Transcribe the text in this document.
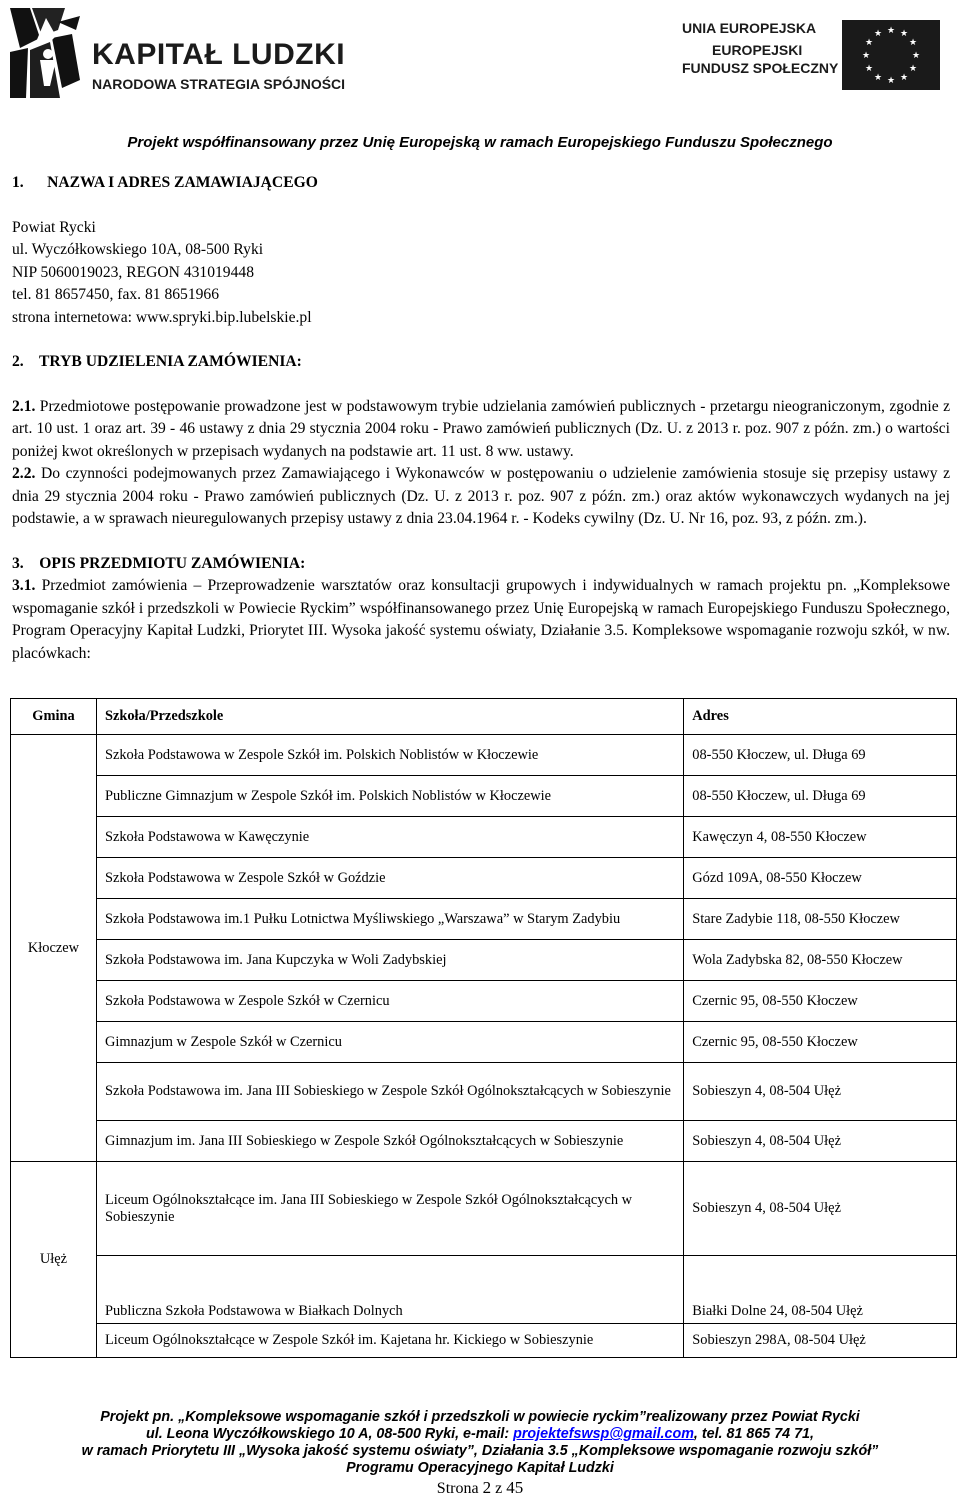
KAPITAŁ LUDZKI
NARODOWA STRATEGIA SPÓJNOŚCI
UNIA EUROPEJSKA
EUROPEJSKI
FUNDUSZ SPOŁECZNY
★ ★
★
★
★
★
★
★
★
★
★
★
Projekt współfinansowany przez Unię Europejską w ramach Europejskiego Funduszu Społecznego

1. NAZWA I ADRES ZAMAWIAJĄCEGO

Powiat Rycki

ul. Wyczółkowskiego 10A, 08-500 Ryki

NIP 5060019023, REGON 431019448

tel. 81 8657450, fax. 81 8651966

strona internetowa: www.spryki.bip.lubelskie.pl

2. TRYB UDZIELENIA ZAMÓWIENIA:

2.1. Przedmiotowe postępowanie prowadzone jest w podstawowym trybie udzielania zamówień publicznych - przetargu nieograniczonym, zgodnie z art. 10 ust. 1 oraz art. 39 - 46 ustawy z dnia 29 stycznia 2004 roku - Prawo zamówień publicznych (Dz. U. z 2013 r. poz. 907 z późn. zm.) o wartości poniżej kwot określonych w przepisach wydanych na podstawie art. 11 ust. 8 ww. ustawy.

2.2. Do czynności podejmowanych przez Zamawiającego i Wykonawców w postępowaniu o udzielenie zamówienia stosuje się przepisy ustawy z dnia 29 stycznia 2004 roku - Prawo zamówień publicznych (Dz. U. z 2013 r. poz. 907 z późn. zm.) oraz aktów wykonawczych wydanych na jej podstawie, a w sprawach nieuregulowanych przepisy ustawy z dnia 23.04.1964 r. - Kodeks cywilny (Dz. U. Nr 16, poz. 93, z późn. zm.).

3. OPIS PRZEDMIOTU ZAMÓWIENIA:

3.1. Przedmiot zamówienia – Przeprowadzenie warsztatów oraz konsultacji grupowych i indywidualnych w ramach projektu pn. „Kompleksowe wspomaganie szkół i przedszkoli w Powiecie Ryckim” współfinansowanego przez Unię Europejską w ramach Europejskiego Funduszu Społecznego, Program Operacyjny Kapitał Ludzki, Priorytet III. Wysoka jakość systemu oświaty, Działanie 3.5. Kompleksowe wspomaganie rozwoju szkół, w nw. placówkach:

Gmina	Szkoła/Przedszkole	Adres
Kłoczew	Szkoła Podstawowa w Zespole Szkół im. Polskich Noblistów w Kłoczewie	08-550 Kłoczew, ul. Długa 69
	Publiczne Gimnazjum w Zespole Szkół im. Polskich Noblistów w Kłoczewie	08-550 Kłoczew, ul. Długa 69
	Szkoła Podstawowa w Kawęczynie	Kawęczyn 4, 08-550 Kłoczew
	Szkoła Podstawowa w Zespole Szkół w Goździe	Gózd 109A, 08-550 Kłoczew
	Szkoła Podstawowa im.1 Pułku Lotnictwa Myśliwskiego „Warszawa” w Starym Zadybiu	Stare Zadybie 118, 08-550 Kłoczew
	Szkoła Podstawowa im. Jana Kupczyka w Woli Zadybskiej	Wola Zadybska 82, 08-550 Kłoczew
	Szkoła Podstawowa w Zespole Szkół w Czernicu	Czernic 95, 08-550 Kłoczew
	Gimnazjum w Zespole Szkół w Czernicu	Czernic 95, 08-550 Kłoczew
	Szkoła Podstawowa im. Jana III Sobieskiego w Zespole Szkół Ogólnokształcących w Sobieszynie	Sobieszyn 4, 08-504 Ułęż
	Gimnazjum im. Jana III Sobieskiego w Zespole Szkół Ogólnokształcących w Sobieszynie	Sobieszyn 4, 08-504 Ułęż
Ułęż	Liceum Ogólnokształcące im. Jana III Sobieskiego w Zespole Szkół Ogólnokształcących w Sobieszynie	Sobieszyn 4, 08-504 Ułęż
	Publiczna Szkoła Podstawowa w Białkach Dolnych	Białki Dolne 24, 08-504 Ułęż
	Liceum Ogólnokształcące w Zespole Szkół im. Kajetana hr. Kickiego w Sobieszynie	Sobieszyn 298A, 08-504 Ułęż
Projekt pn. „Kompleksowe wspomaganie szkół i przedszkoli w powiecie ryckim”realizowany przez Powiat Rycki
ul. Leona Wyczółkowskiego 10 A, 08-500 Ryki, e-mail: projektefswsp@gmail.com, tel. 81 865 74 71,
w ramach Priorytetu III „Wysoka jakość systemu oświaty”, Działania 3.5 „Kompleksowe wspomaganie rozwoju szkół”
Programu Operacyjnego Kapitał Ludzki
Strona 2 z 45
